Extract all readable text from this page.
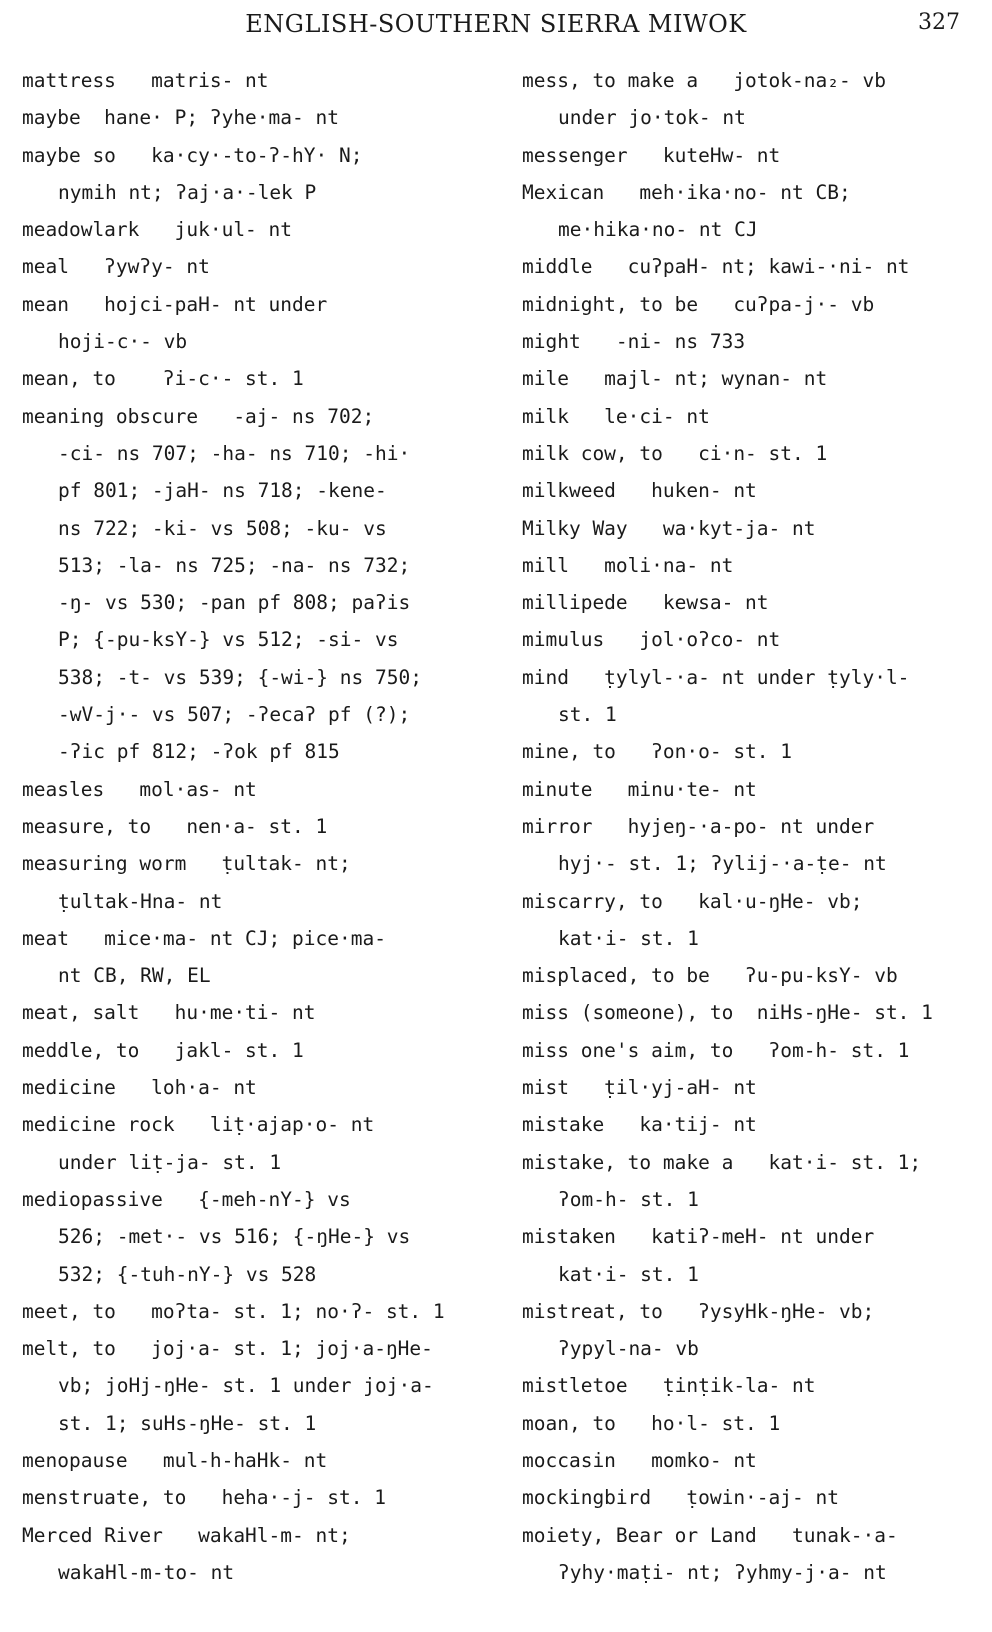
ENGLISH-SOUTHERN SIERRA MIWOK	327
mattress   matris- nt
maybe  hane· P; ʔyhe·ma- nt
maybe so   ka·cy·-to-ʔ-hY· N;
nymih nt; ʔaj·a·-lek P
meadowlark   juk·ul- nt
meal   ʔywʔy- nt
mean   hojci-paH- nt under
hoji-c·- vb
mean, to    ʔi-c·- st. 1
meaning obscure   -aj- ns 702;
-ci- ns 707; -ha- ns 710; -hi·
pf 801; -jaH- ns 718; -kene-
ns 722; -ki- vs 508; -ku- vs
513; -la- ns 725; -na- ns 732;
-ŋ- vs 530; -pan pf 808; paʔis
P; {-pu-ksY-} vs 512; -si- vs
538; -t- vs 539; {-wi-} ns 750;
-wV-j·- vs 507; -ʔecaʔ pf (?);
-ʔic pf 812; -ʔok pf 815
measles   mol·as- nt
measure, to   nen·a- st. 1
measuring worm   ṭultak- nt;
ṭultak-Hna- nt
meat   mice·ma- nt CJ; pice·ma-
nt CB, RW, EL
meat, salt   hu·me·ti- nt
meddle, to   jakl- st. 1
medicine   loh·a- nt
medicine rock   liṭ·ajap·o- nt
under liṭ-ja- st. 1
mediopassive   {-meh-nY-} vs
526; -met·- vs 516; {-ŋHe-} vs
532; {-tuh-nY-} vs 528
meet, to   moʔta- st. 1; no·ʔ- st. 1
melt, to   joj·a- st. 1; joj·a-ŋHe-
vb; joHj-ŋHe- st. 1 under joj·a-
st. 1; suHs-ŋHe- st. 1
menopause   mul-h-haHk- nt
menstruate, to   heha·-j- st. 1
Merced River   wakaHl-m- nt;
wakaHl-m-to- nt
mess, to make a   jotok-na₂- vb
under jo·tok- nt
messenger   kuteHw- nt
Mexican   meh·ika·no- nt CB;
me·hika·no- nt CJ
middle   cuʔpaH- nt; kawi-·ni- nt
midnight, to be   cuʔpa-j·- vb
might   -ni- ns 733
mile   majl- nt; wynan- nt
milk   le·ci- nt
milk cow, to   ci·n- st. 1
milkweed   huken- nt
Milky Way   wa·kyt-ja- nt
mill   moli·na- nt
millipede   kewsa- nt
mimulus   jol·oʔco- nt
mind   ṭylyl-·a- nt under ṭyly·l-
st. 1
mine, to   ʔon·o- st. 1
minute   minu·te- nt
mirror   hyjeŋ-·a-po- nt under
hyj·- st. 1; ʔylij-·a-ṭe- nt
miscarry, to   kal·u-ŋHe- vb;
kat·i- st. 1
misplaced, to be   ʔu-pu-ksY- vb
miss (someone), to  niHs-ŋHe- st. 1
miss one's aim, to   ʔom-h- st. 1
mist   ṭil·yj-aH- nt
mistake   ka·tij- nt
mistake, to make a   kat·i- st. 1;
ʔom-h- st. 1
mistaken   katiʔ-meH- nt under
kat·i- st. 1
mistreat, to   ʔysyHk-ŋHe- vb;
ʔypyl-na- vb
mistletoe   ṭinṭik-la- nt
moan, to   ho·l- st. 1
moccasin   momko- nt
mockingbird   ṭowin·-aj- nt
moiety, Bear or Land   tunak-·a-
ʔyhy·maṭi- nt; ʔyhmy-j·a- nt
